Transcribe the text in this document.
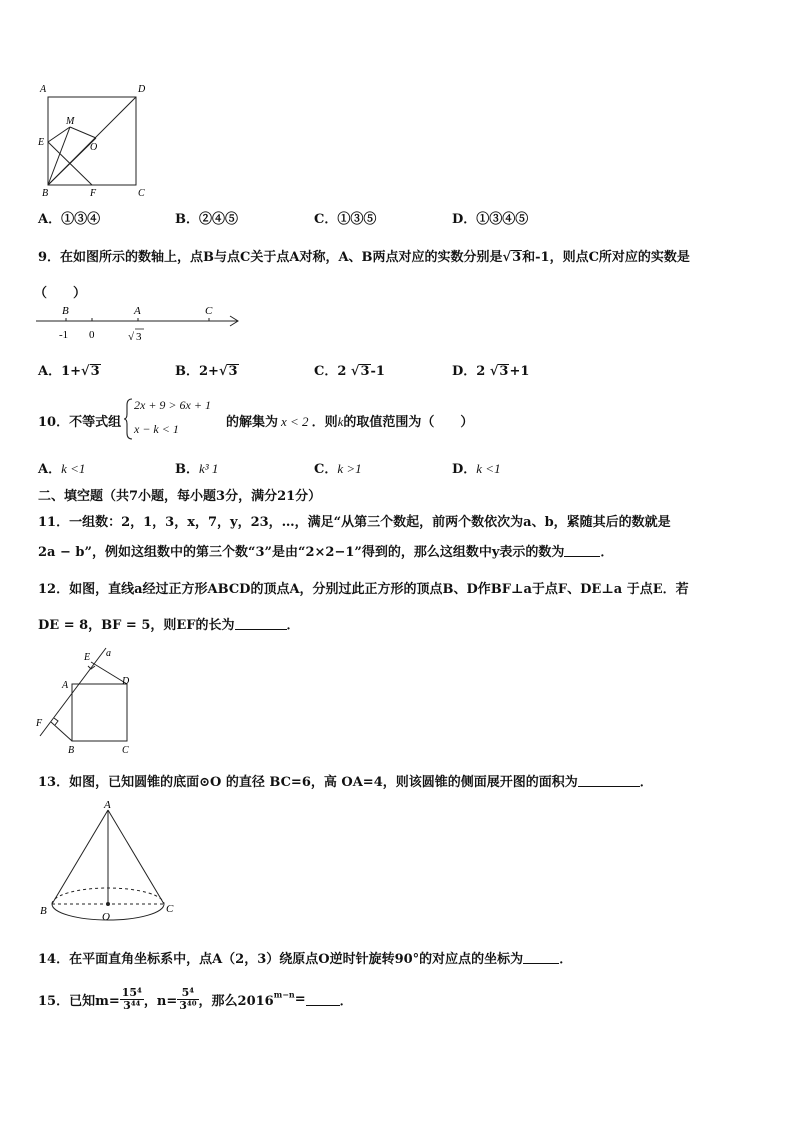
A	D
M
E	O
B	F	C
A．①③④	B．②④⑤	C．①③⑤	D．①③④⑤
9．在如图所示的数轴上，点B与点C关于点A对称，A、B两点对应的实数分别是√3和-1，则点C所对应的实数是
（　　）
B	A	C
-1 0	√ 3
A．1+√3	B．2+√3	C．2 √3-1	D．2 √3+1
10．不等式组
2x + 9 > 6x + 1
x − k < 1	的解集为 x < 2 ．则k的取值范围为（　　）
A．k <1	B．k³ 1	C．k >1	D．k <1
二、填空题（共7小题，每小题3分，满分21分）
11．一组数：2，1，3，x，7，y，23，…，满足“从第三个数起，前两个数依次为a、b，紧随其后的数就是
2a − b”，例如这组数中的第三个数“3”是由“2×2−1”得到的，那么这组数中y表示的数为	．
12．如图，直线a经过正方形ABCD的顶点A，分别过此正方形的顶点B、D作BF⊥a于点F、DE⊥a 于点E．若
DE = 8，BF = 5，则EF的长为	．
E a
A	D
F
B	C
13．如图，已知圆锥的底面⊙O 的直径 BC=6，高 OA=4，则该圆锥的侧面展开图的面积为	．
A
B	O
C
14．在平面直角坐标系中，点A（2，3）绕原点O逆时针旋转90°的对应点的坐标为	．
15．已知$m= \frac{\text{15⁴}}{\text{3⁴⁴}}$ ，$n= \frac{\text{5⁴}}{\text{3⁴⁰}}$ ，那么$2016^{m-n}=$	．
